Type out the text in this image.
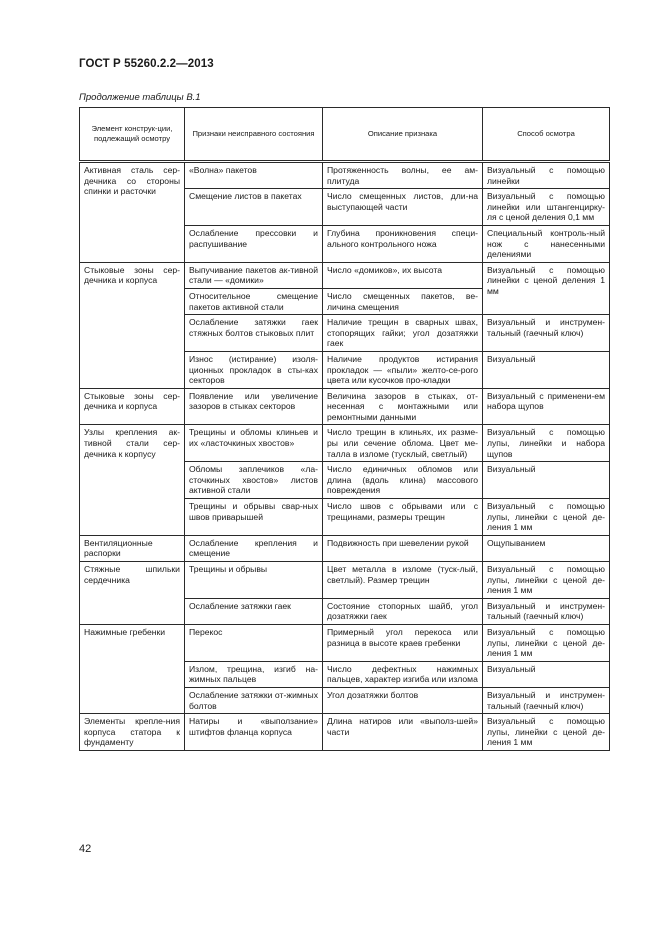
ГОСТ Р 55260.2.2—2013
Продолжение таблицы В.1
Элемент конструк-ции, подлежащий осмотру	Признаки неисправного состояния	Описание признака	Способ осмотра
Активная сталь сер-дечника со стороны спинки и расточки	«Волна» пакетов	Протяженность волны, ее ам-плитуда	Визуальный с помощью линейки
	Смещение листов в пакетах	Число смещенных листов, дли-на выступающей части	Визуальный с помощью линейки или штангенцирку-ля с ценой деления 0,1 мм
	Ослабление прессовки и распушивание	Глубина проникновения специ-ального контрольного ножа	Специальный контроль-ный нож с нанесенными делениями
Стыковые зоны сер-дечника и корпуса	Выпучивание пакетов ак-тивной стали — «домики»	Число «домиков», их высота	Визуальный с помощью линейки с ценой деления 1 мм
	Относительное смещение пакетов активной стали	Число смещенных пакетов, ве-личина смещения	
	Ослабление затяжки гаек стяжных болтов стыковых плит	Наличие трещин в сварных швах, стопорящих гайки; угол дозатяжки гаек	Визуальный и инструмен-тальный (гаечный ключ)
	Износ (истирание) изоля-ционных прокладок в сты-ках секторов	Наличие продуктов истирания прокладок — «пыли» желто-се-рого цвета или кусочков про-кладки	Визуальный
Стыковые зоны сер-дечника и корпуса	Появление или увеличение зазоров в стыках секторов	Величина зазоров в стыках, от-несенная с монтажными или ремонтными данными	Визуальный с применени-ем набора щупов
Узлы крепления ак-тивной стали сер-дечника к корпусу	Трещины и обломы клиньев и их «ласточкиных хвостов»	Число трещин в клиньях, их разме-ры или сечение облома. Цвет ме-талла в изломе (тусклый, светлый)	Визуальный с помощью лупы, линейки и набора щупов
	Обломы заплечиков «ла-сточкиных хвостов» листов активной стали	Число единичных обломов или длина (вдоль клина) массового повреждения	Визуальный
	Трещины и обрывы свар-ных швов приварышей	Число швов с обрывами или с трещинами, размеры трещин	Визуальный с помощью лупы, линейки с ценой де-ления 1 мм
Вентиляционные распорки	Ослабление крепления и смещение	Подвижность при шевелении рукой	Ощупыванием
Стяжные шпильки сердечника	Трещины и обрывы	Цвет металла в изломе (туск-лый, светлый). Размер трещин	Визуальный с помощью лупы, линейки с ценой де-ления 1 мм
	Ослабление затяжки гаек	Состояние стопорных шайб, угол дозатяжки гаек	Визуальный и инструмен-тальный (гаечный ключ)
Нажимные гребенки	Перекос	Примерный угол перекоса или разница в высоте краев гребенки	Визуальный с помощью лупы, линейки с ценой де-ления 1 мм
	Излом, трещина, изгиб на-жимных пальцев	Число дефектных нажимных пальцев, характер изгиба или излома	Визуальный
	Ослабление затяжки от-жимных болтов	Угол дозатяжки болтов	Визуальный и инструмен-тальный (гаечный ключ)
Элементы крепле-ния корпуса статора к фундаменту	Натиры и «выползание» штифтов фланца корпуса	Длина натиров или «выполз-шей» части	Визуальный с помощью лупы, линейки с ценой де-ления 1 мм
42
